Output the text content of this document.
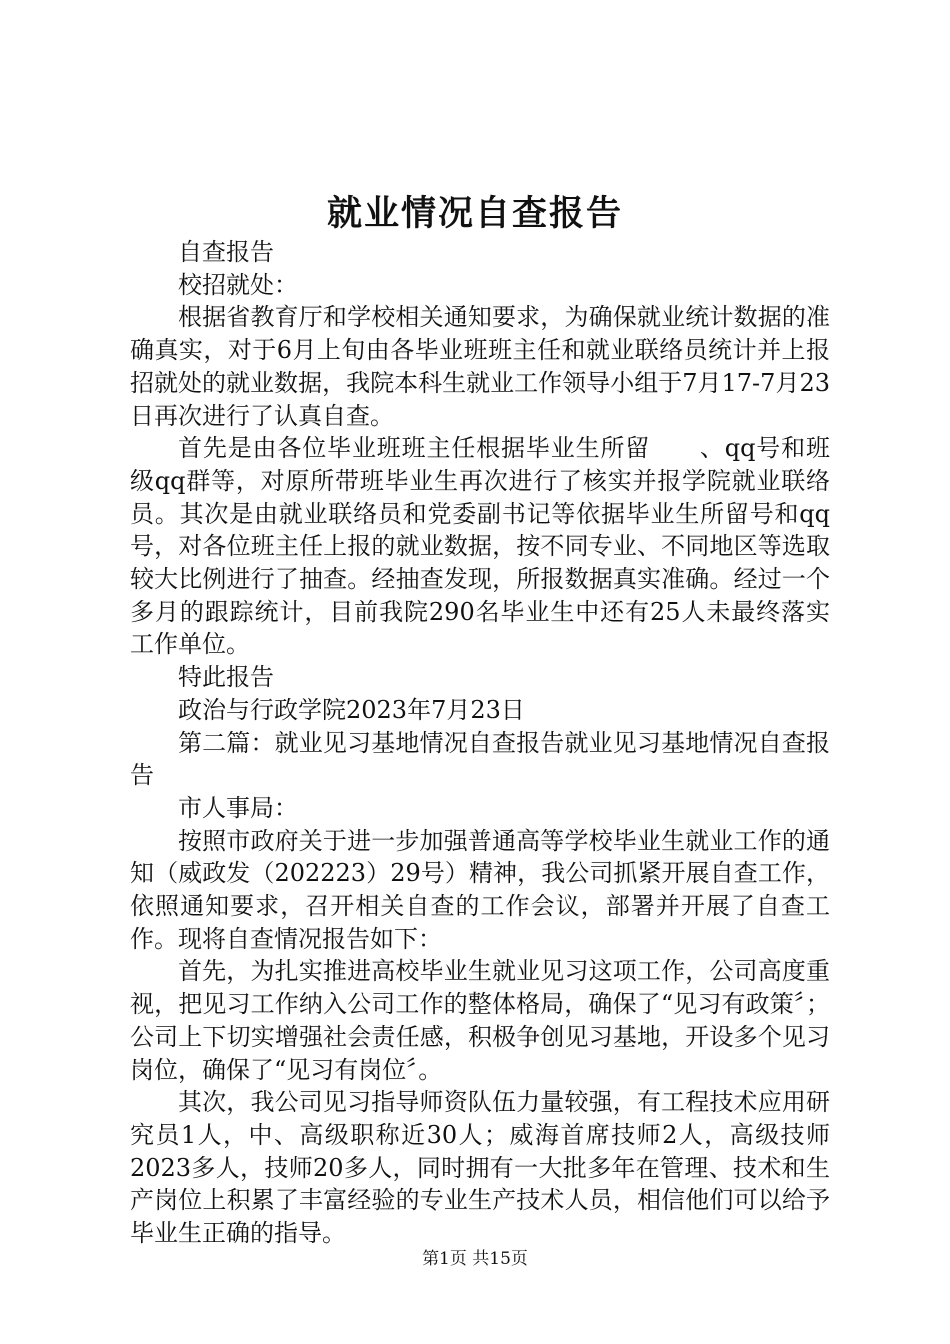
就业情况自查报告

自查报告

校招就处：

根据省教育厅和学校相关通知要求，为确保就业统计数据的准确真实，对于6月上旬由各毕业班班主任和就业联络员统计并上报招就处的就业数据，我院本科生就业工作领导小组于7月17-7月23日再次进行了认真自查。

首先是由各位毕业班班主任根据毕业生所留　　、qq号和班级qq群等，对原所带班毕业生再次进行了核实并报学院就业联络员。其次是由就业联络员和党委副书记等依据毕业生所留号和qq号，对各位班主任上报的就业数据，按不同专业、不同地区等选取较大比例进行了抽查。经抽查发现，所报数据真实准确。经过一个多月的跟踪统计，目前我院290名毕业生中还有25人未最终落实工作单位。

特此报告

政治与行政学院2023年7月23日

第二篇：就业见习基地情况自查报告就业见习基地情况自查报告

市人事局：

按照市政府关于进一步加强普通高等学校毕业生就业工作的通知（威政发（202223）29号）精神，我公司抓紧开展自查工作，依照通知要求，召开相关自查的工作会议，部署并开展了自查工作。现将自查情况报告如下：

首先，为扎实推进高校毕业生就业见习这项工作，公司高度重视，把见习工作纳入公司工作的整体格局，确保了“见习有政策〞；公司上下切实增强社会责任感，积极争创见习基地，开设多个见习岗位，确保了“见习有岗位〞。

其次，我公司见习指导师资队伍力量较强，有工程技术应用研究员1人，中、高级职称近30人；威海首席技师2人，高级技师2023多人，技师20多人，同时拥有一大批多年在管理、技术和生产岗位上积累了丰富经验的专业生产技术人员，相信他们可以给予毕业生正确的指导。

第1页 共15页
